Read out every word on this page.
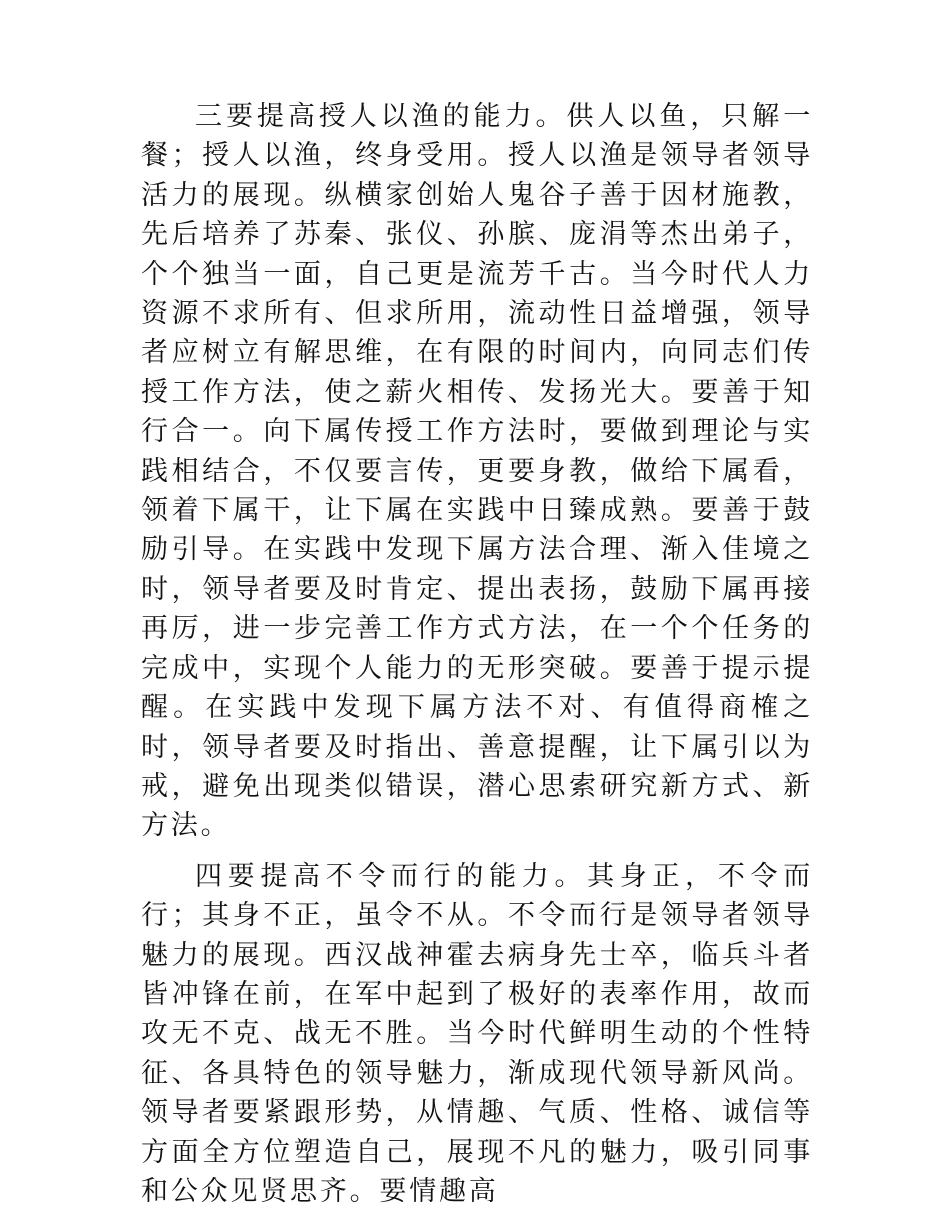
三要提高授人以渔的能力。供人以鱼，只解一餐；授人以渔，终身受用。授人以渔是领导者领导活力的展现。纵横家创始人鬼谷子善于因材施教，先后培养了苏秦、张仪、孙膑、庞涓等杰出弟子，个个独当一面，自己更是流芳千古。当今时代人力资源不求所有、但求所用，流动性日益增强，领导者应树立有解思维，在有限的时间内，向同志们传授工作方法，使之薪火相传、发扬光大。要善于知行合一。向下属传授工作方法时，要做到理论与实践相结合，不仅要言传，更要身教，做给下属看，领着下属干，让下属在实践中日臻成熟。要善于鼓励引导。在实践中发现下属方法合理、渐入佳境之时，领导者要及时肯定、提出表扬，鼓励下属再接再厉，进一步完善工作方式方法，在一个个任务的完成中，实现个人能力的无形突破。要善于提示提醒。在实践中发现下属方法不对、有值得商榷之时，领导者要及时指出、善意提醒，让下属引以为戒，避免出现类似错误，潜心思索研究新方式、新方法。

四要提高不令而行的能力。其身正，不令而行；其身不正，虽令不从。不令而行是领导者领导魅力的展现。西汉战神霍去病身先士卒，临兵斗者皆冲锋在前，在军中起到了极好的表率作用，故而攻无不克、战无不胜。当今时代鲜明生动的个性特征、各具特色的领导魅力，渐成现代领导新风尚。领导者要紧跟形势，从情趣、气质、性格、诚信等方面全方位塑造自己，展现不凡的魅力，吸引同事和公众见贤思齐。要情趣高
